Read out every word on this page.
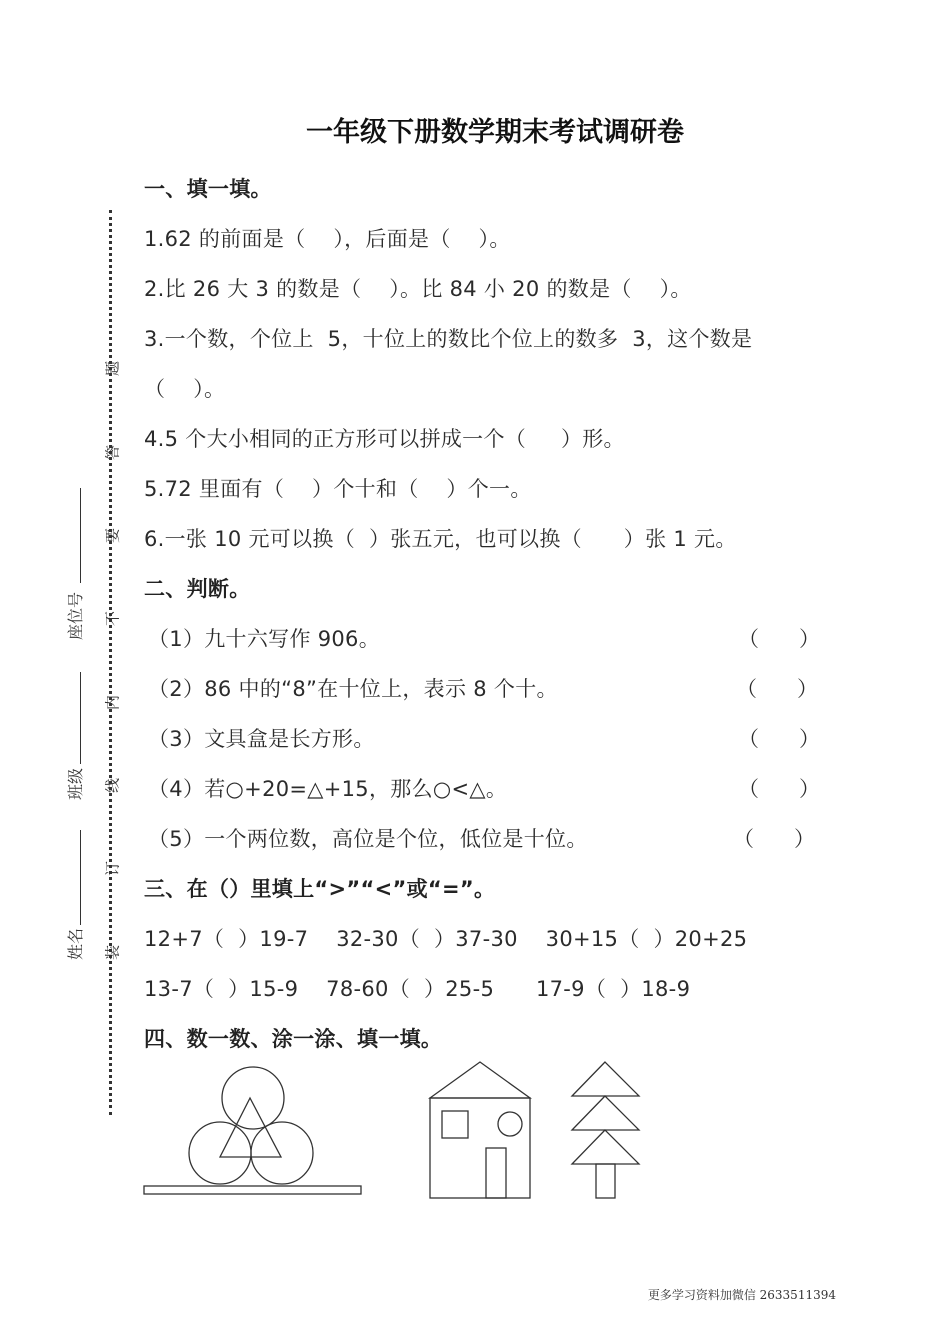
一年级下册数学期末考试调研卷
题
答
要
不
内
线
订
装
座位号
班级
姓名
一、填一填。
1.62 的前面是（    ），后面是（    ）。
2.比 26 大 3 的数是（    ）。比 84 小 20 的数是（    ）。
3.一个数，个位上  5，十位上的数比个位上的数多  3，这个数是
（    ）。
4.5 个大小相同的正方形可以拼成一个（     ）形。
5.72 里面有（    ）个十和（    ）个一。
6.一张 10 元可以换（  ）张五元，也可以换（      ）张 1 元。
二、判断。
（1）九十六写作 906。	（      ）
（2）86 中的“8”在十位上，表示 8 个十。	（      ）
（3）文具盒是长方形。	（      ）
（4）若○+20=△+15，那么○<△。	（      ）
（5）一个两位数，高位是个位，低位是十位。	（      ）
三、在（）里填上“>”“<”或“=”。
12+7（  ）19-7    32-30（  ）37-30    30+15（  ）20+25
13-7（  ）15-9    78-60（  ）25-5      17-9（  ）18-9
四、数一数、涂一涂、填一填。
更多学习资料加微信 2633511394
